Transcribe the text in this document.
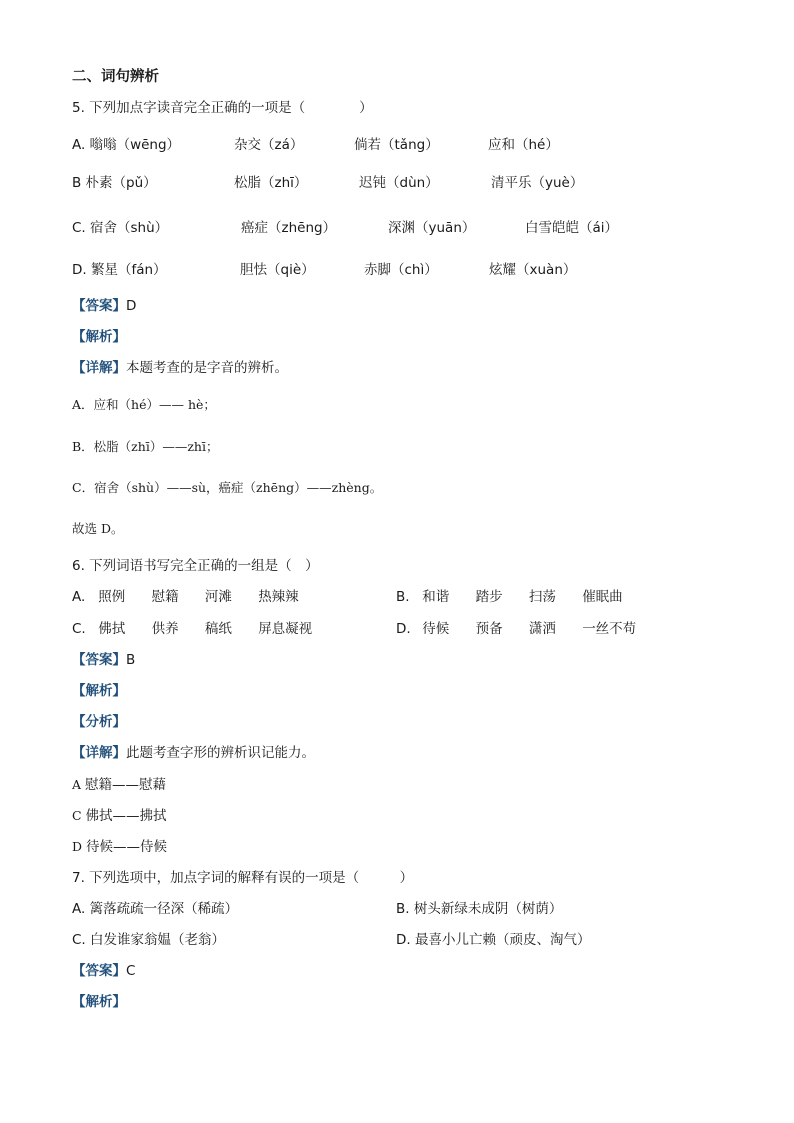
二、词句辨析
5. 下列加点字读音完全正确的一项是（　　　　）
A. 嗡嗡（wēng）	杂交（zá）	倘若（tǎng）	应和（hé）
B 朴素（pǔ）	松脂（zhī）	迟钝（dùn）	清平乐（yuè）
C. 宿舍（shù）	癌症（zhēng）	深渊（yuān）	白雪皑皑（ái）
D. 繁星（fán）	胆怯（qiè）	赤脚（chì）	炫耀（xuàn）
【答案】D
【解析】
【详解】本题考查的是字音的辨析。
A．应和（hé）—— hè；
B．松脂（zhī）——zhī；
C．宿舍（shù）——sù，癌症（zhēng）——zhèng。
故选 D。
6. 下列词语书写完全正确的一组是（　）
A. 照例 慰籍 河滩 热辣辣	B. 和谐 踏步 扫荡 催眠曲
C. 佛拭 供养 稿纸 屏息凝视	D. 待候 预备 潇洒 一丝不苟
【答案】B
【解析】
【分析】
【详解】此题考查字形的辨析识记能力。
A 慰籍——慰藉
C 佛拭——拂拭
D 待候——侍候
7. 下列选项中，加点字词的解释有误的一项是（　　　）
A. 篱落疏疏一径深（稀疏）	B. 树头新绿未成阴（树荫）
C. 白发谁家翁媪（老翁）	D. 最喜小儿亡赖（顽皮、淘气）
【答案】C
【解析】
